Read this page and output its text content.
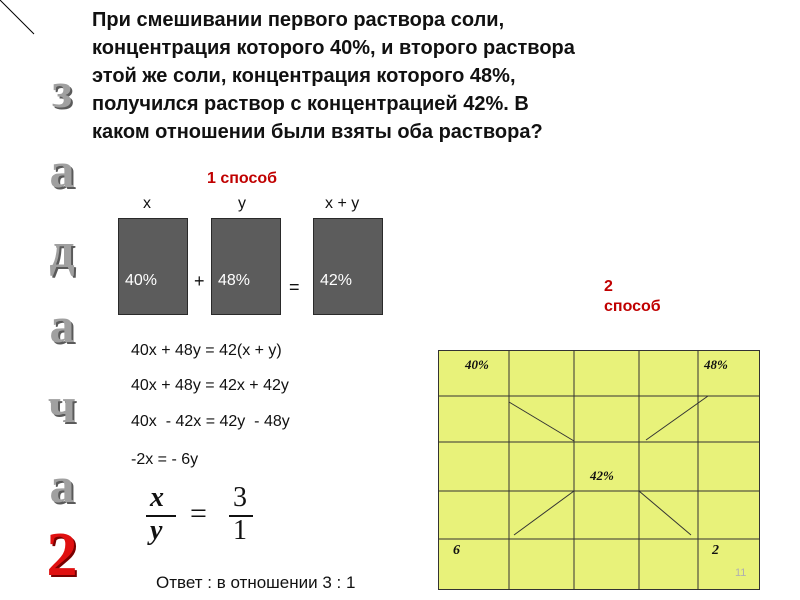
з
а
д
а
ч
а
2
При смешивании первого раствора соли,
концентрация которого 40%, и второго раствора
этой же соли, концентрация которого 48%,
получился раствор с концентрацией 42%. В
каком отношении были взяты оба раствора?
1 способ
x	y	x + y
40% + 48% = 42%
40x + 48y = 42(x + y)
40x + 48y = 42x + 42y
40x  - 42x = 42y  - 48y
-2x = - 6y
x
y
= 3
1
Ответ : в отношении 3 : 1
2
способ
40%	48%
42%
6	2
11
